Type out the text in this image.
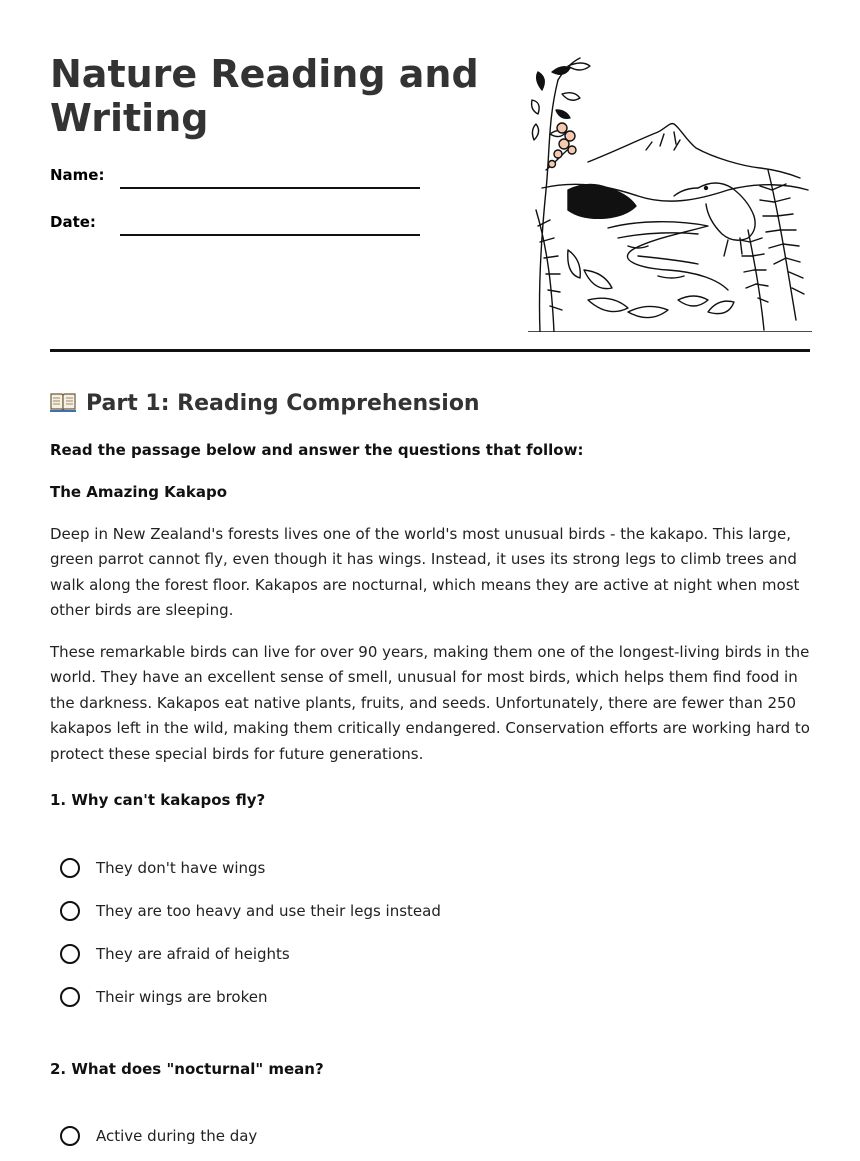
Nature Reading and Writing
Name:
Date:
Part 1: Reading Comprehension
Read the passage below and answer the questions that follow:
The Amazing Kakapo

Deep in New Zealand's forests lives one of the world's most unusual birds - the kakapo. This large, green parrot cannot fly, even though it has wings. Instead, it uses its strong legs to climb trees and walk along the forest floor. Kakapos are nocturnal, which means they are active at night when most other birds are sleeping.

These remarkable birds can live for over 90 years, making them one of the longest-living birds in the world. They have an excellent sense of smell, unusual for most birds, which helps them find food in the darkness. Kakapos eat native plants, fruits, and seeds. Unfortunately, there are fewer than 250 kakapos left in the wild, making them critically endangered. Conservation efforts are working hard to protect these special birds for future generations.

1. Why can't kakapos fly?
They don't have wings
They are too heavy and use their legs instead
They are afraid of heights
Their wings are broken
2. What does "nocturnal" mean?
Active during the day
